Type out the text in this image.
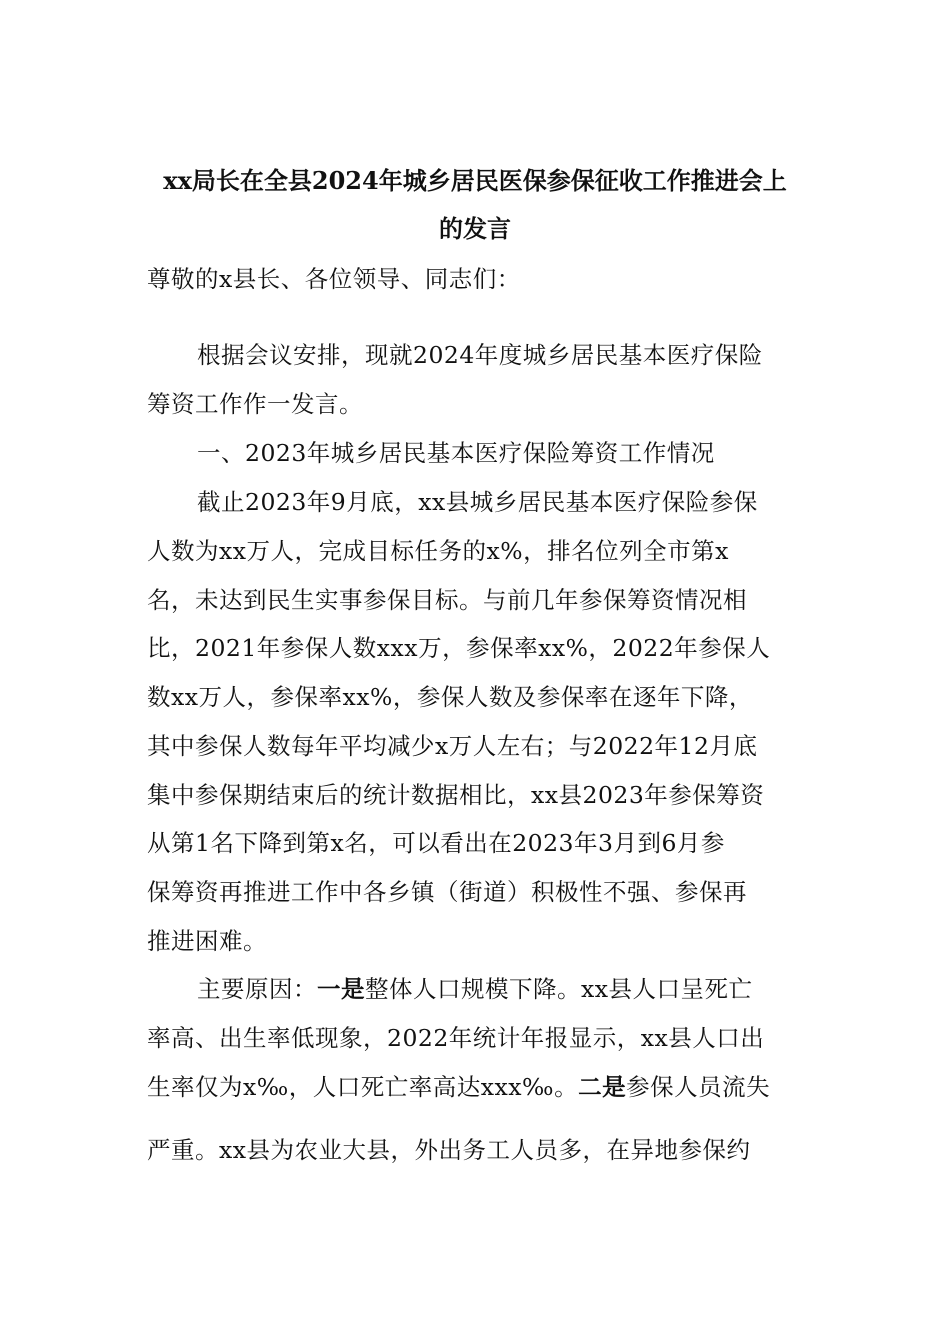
xx局长在全县2024年城乡居民医保参保征收工作推进会上
的发言
尊敬的x县长、各位领导、同志们：
根据会议安排，现就2024年度城乡居民基本医疗保险
筹资工作作一发言。
一、2023年城乡居民基本医疗保险筹资工作情况
截止2023年9月底，xx县城乡居民基本医疗保险参保
人数为xx万人，完成目标任务的x%，排名位列全市第x
名，未达到民生实事参保目标。与前几年参保筹资情况相
比，2021年参保人数xxx万，参保率xx%，2022年参保人
数xx万人，参保率xx%，参保人数及参保率在逐年下降，
其中参保人数每年平均减少x万人左右；与2022年12月底
集中参保期结束后的统计数据相比，xx县2023年参保筹资
从第1名下降到第x名，可以看出在2023年3月到6月参
保筹资再推进工作中各乡镇（街道）积极性不强、参保再
推进困难。
主要原因：一是整体人口规模下降。xx县人口呈死亡
率高、出生率低现象，2022年统计年报显示，xx县人口出
生率仅为x‰，人口死亡率高达xxx‰。二是参保人员流失
严重。xx县为农业大县，外出务工人员多，在异地参保约
